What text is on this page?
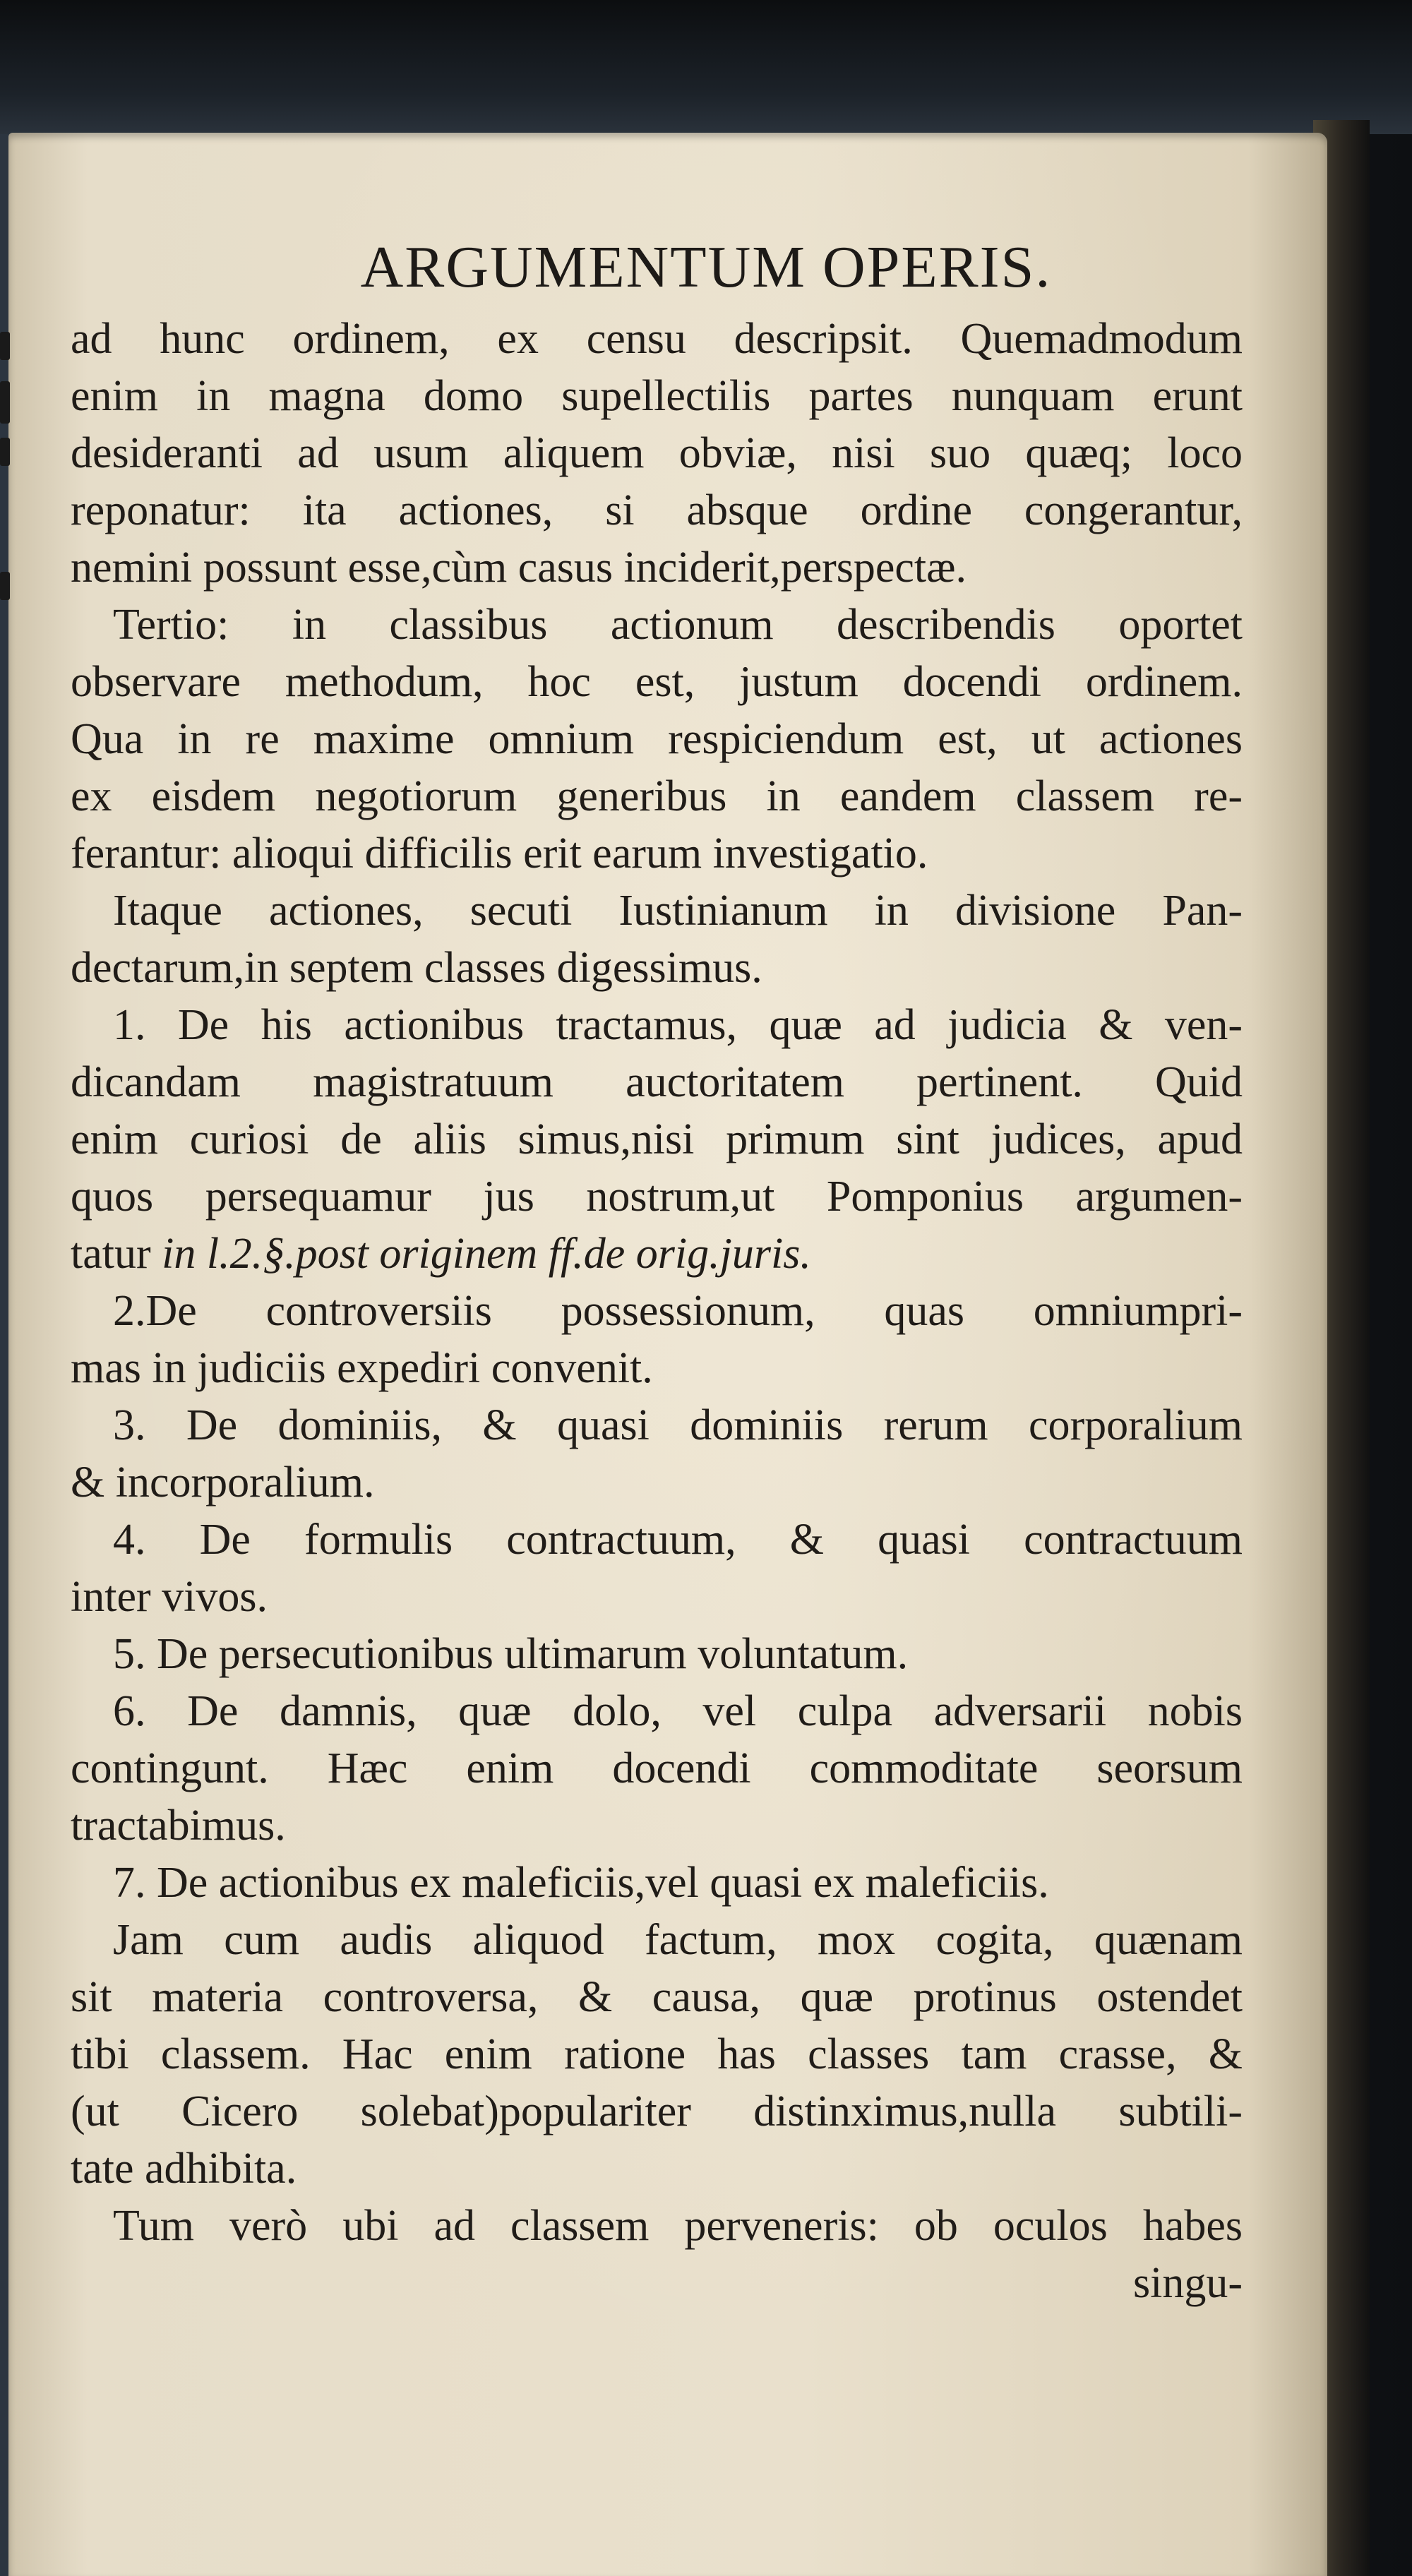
ARGUMENTUM OPERIS.
ad hunc ordinem, ex censu descripsit. Quemadmodum
enim in magna domo supellectilis partes nunquam erunt
desideranti ad usum aliquem obviæ, nisi suo quæq; loco
reponatur: ita actiones, si absque ordine congerantur,
nemini possunt esse,cùm casus inciderit,perspectæ.
Tertio: in classibus actionum describendis oportet
observare methodum, hoc est, justum docendi ordinem.
Qua in re maxime omnium respiciendum est, ut actiones
ex eisdem negotiorum generibus in eandem classem re-
ferantur: alioqui difficilis erit earum investigatio.
Itaque actiones, secuti Iustinianum in divisione Pan-
dectarum,in septem classes digessimus.
1. De his actionibus tractamus, quæ ad judicia & ven-
dicandam magistratuum auctoritatem pertinent. Quid
enim curiosi de aliis simus,nisi primum sint judices, apud
quos persequamur jus nostrum,ut Pomponius argumen-
tatur in l.2.§.post originem ff.de orig.juris.
2.De controversiis possessionum, quas omniumpri-
mas in judiciis expediri convenit.
3. De dominiis, & quasi dominiis rerum corporalium
& incorporalium.
4. De formulis contractuum, & quasi contractuum
inter vivos.
5. De persecutionibus ultimarum voluntatum.
6. De damnis, quæ dolo, vel culpa adversarii nobis
contingunt. Hæc enim docendi commoditate seorsum
tractabimus.
7. De actionibus ex maleficiis,vel quasi ex maleficiis.
Jam cum audis aliquod factum, mox cogita, quænam
sit materia controversa, & causa, quæ protinus ostendet
tibi classem. Hac enim ratione has classes tam crasse, &
(ut Cicero solebat)populariter distinximus,nulla subtili-
tate adhibita.
Tum verò ubi ad classem perveneris: ob oculos habes
singu-
